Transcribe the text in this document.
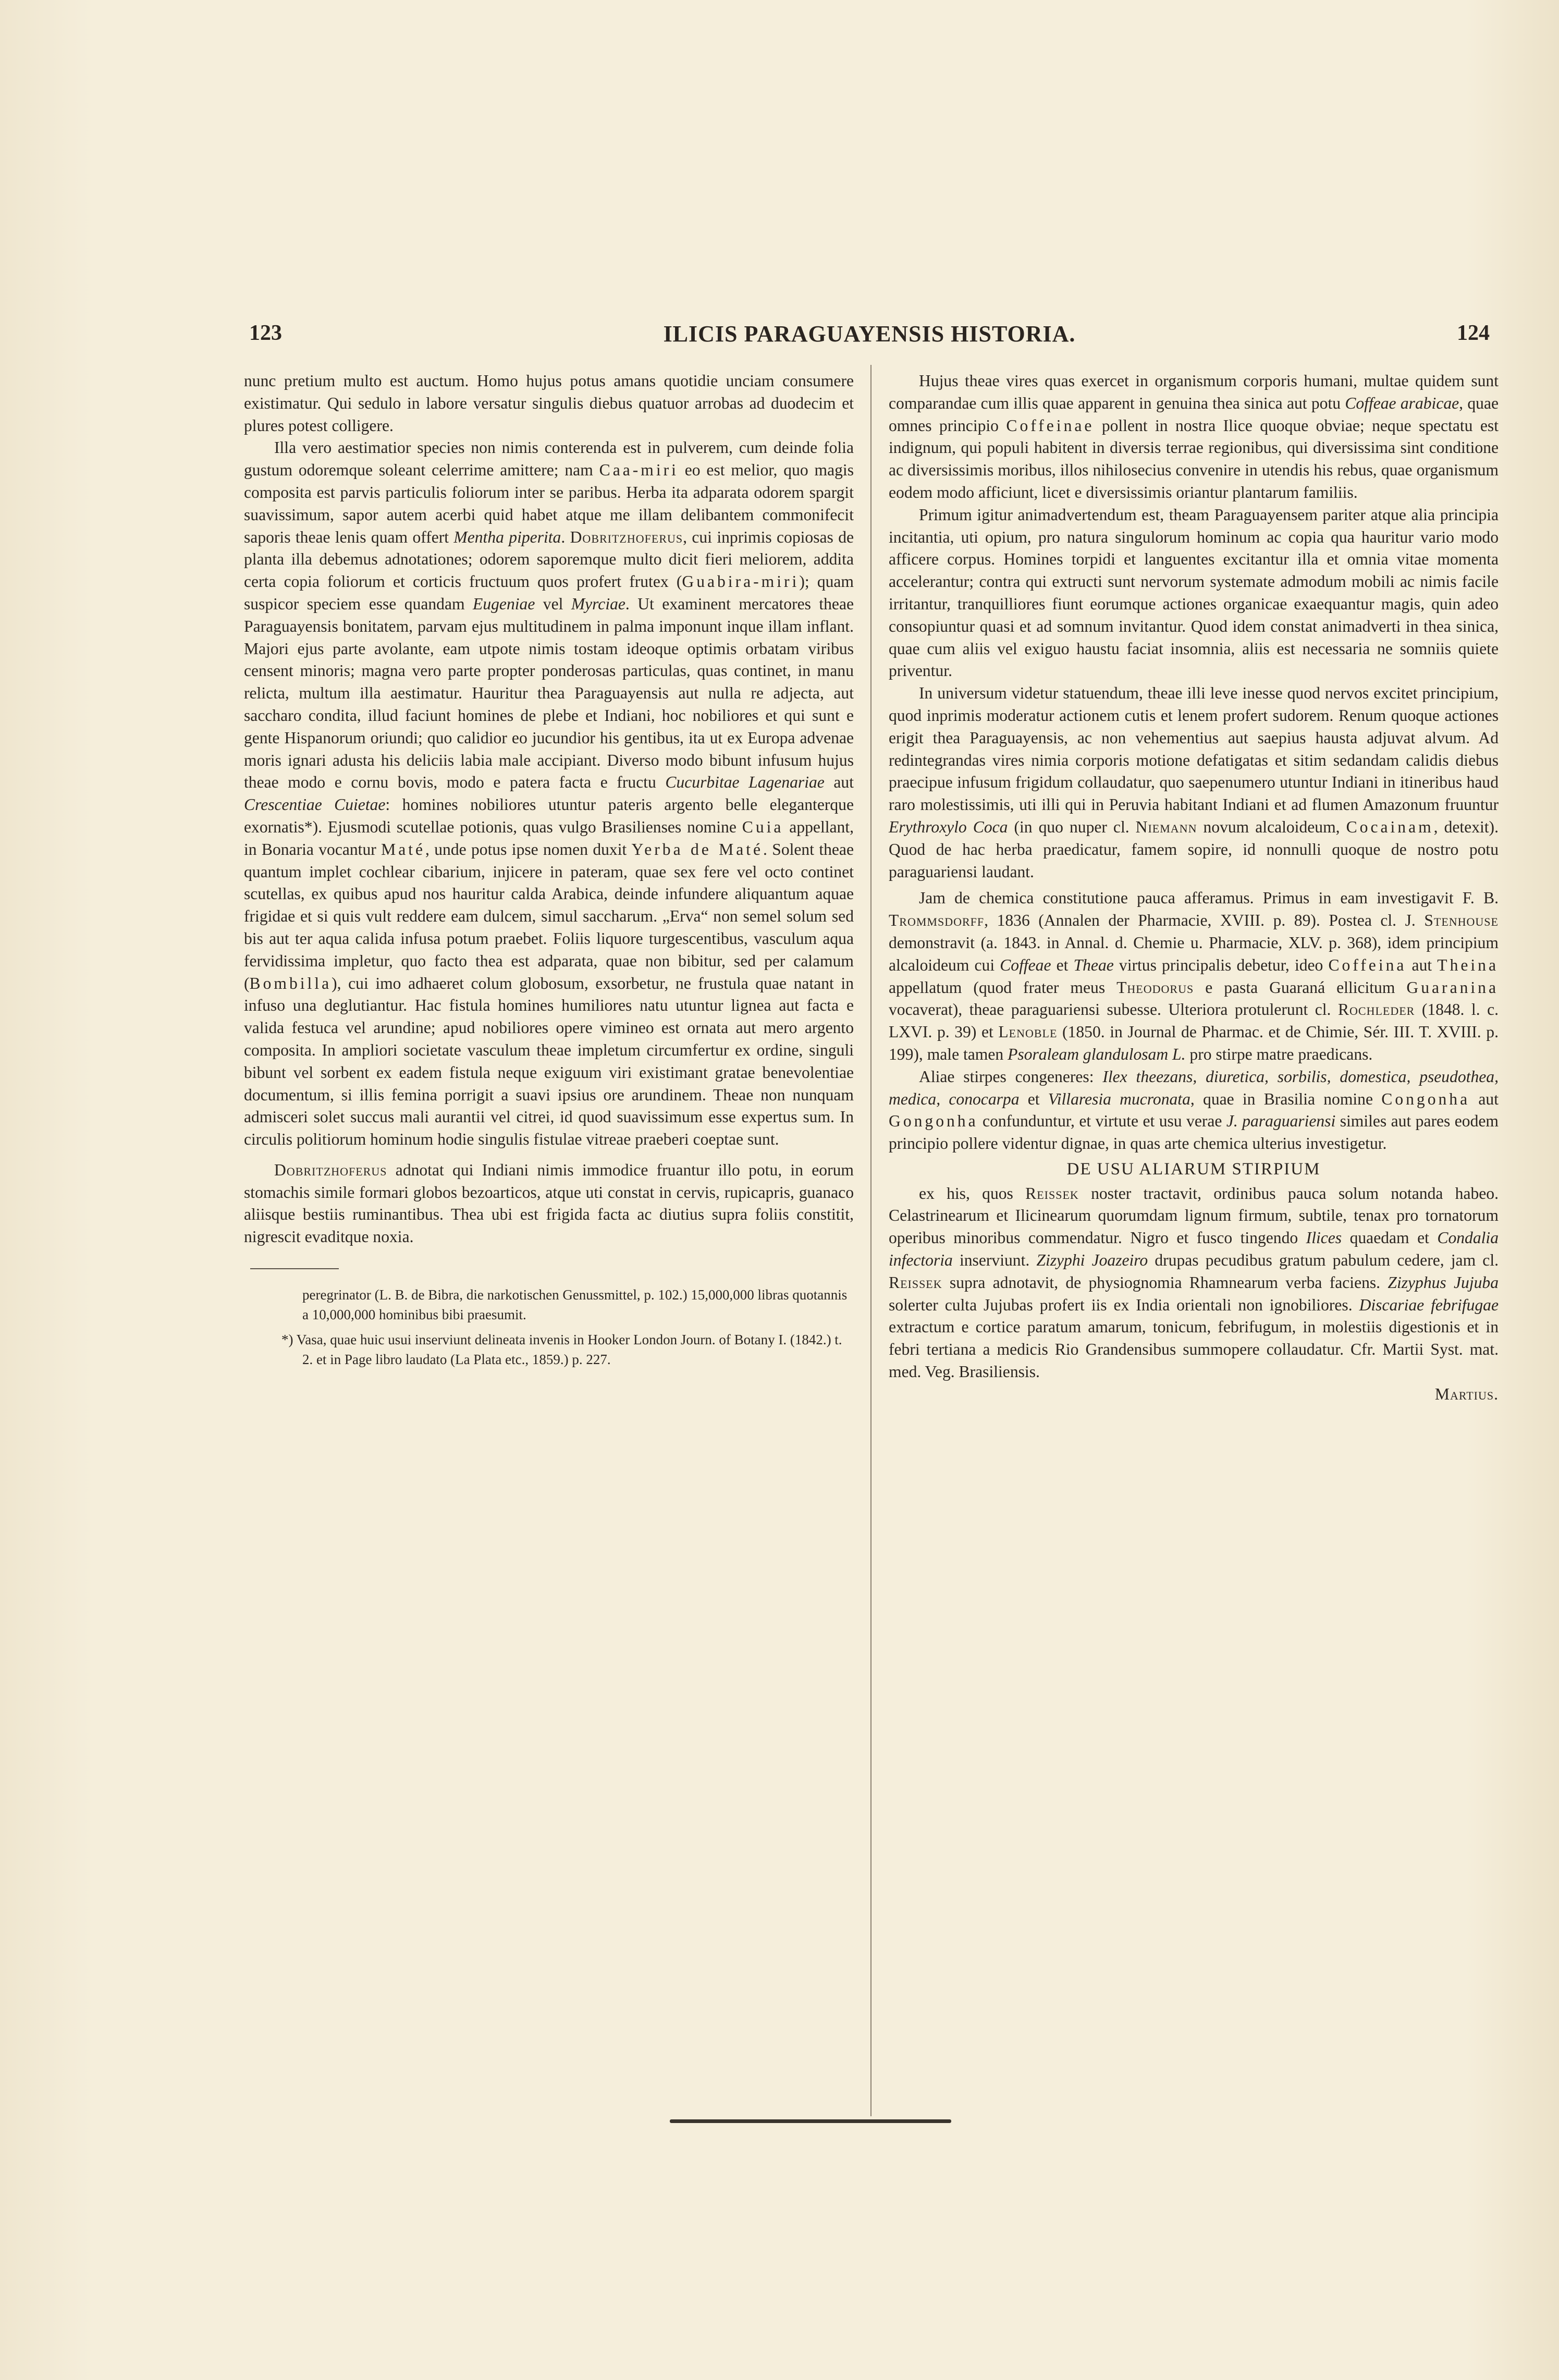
123	ILICIS PARAGUAYENSIS HISTORIA.	124

nunc pretium multo est auctum. Homo hujus potus amans quotidie unciam consumere existimatur. Qui sedulo in labore versatur singulis diebus quatuor arrobas ad duodecim et plures potest colligere.

Illa vero aestimatior species non nimis conterenda est in pulverem, cum deinde folia gustum odoremque soleant celerrime amittere; nam Caa-miri eo est melior, quo magis composita est parvis particulis foliorum inter se paribus. Herba ita adparata odorem spargit suavissimum, sapor autem acerbi quid habet atque me illam delibantem commonifecit saporis theae lenis quam offert Mentha piperita. Dobritzhoferus, cui inprimis copiosas de planta illa debemus adnotationes; odorem saporemque multo dicit fieri meliorem, addita certa copia foliorum et corticis fructuum quos profert frutex (Guabira-miri); quam suspicor speciem esse quandam Eugeniae vel Myrciae. Ut examinent mercatores theae Paraguayensis bonitatem, parvam ejus multitudinem in palma imponunt inque illam inflant. Majori ejus parte avolante, eam utpote nimis tostam ideoque optimis orbatam viribus censent minoris; magna vero parte propter ponderosas particulas, quas continet, in manu relicta, multum illa aestimatur. Hauritur thea Paraguayensis aut nulla re adjecta, aut saccharo condita, illud faciunt homines de plebe et Indiani, hoc nobiliores et qui sunt e gente Hispanorum oriundi; quo calidior eo jucundior his gentibus, ita ut ex Europa advenae moris ignari adusta his deliciis labia male accipiant. Diverso modo bibunt infusum hujus theae modo e cornu bovis, modo e patera facta e fructu Cucurbitae Lagenariae aut Crescentiae Cuietae: homines nobiliores utuntur pateris argento belle eleganterque exornatis*). Ejusmodi scutellae potionis, quas vulgo Brasilienses nomine Cuia appellant, in Bonaria vocantur Maté, unde potus ipse nomen duxit Yerba de Maté. Solent theae quantum implet cochlear cibarium, injicere in pateram, quae sex fere vel octo continet scutellas, ex quibus apud nos hauritur calda Arabica, deinde infundere aliquantum aquae frigidae et si quis vult reddere eam dulcem, simul saccharum. „Erva“ non semel solum sed bis aut ter aqua calida infusa potum praebet. Foliis liquore turgescentibus, vasculum aqua fervidissima impletur, quo facto thea est adparata, quae non bibitur, sed per calamum (Bombilla), cui imo adhaeret colum globosum, exsorbetur, ne frustula quae natant in infuso una deglutiantur. Hac fistula homines humiliores natu utuntur lignea aut facta e valida festuca vel arundine; apud nobiliores opere vimineo est ornata aut mero argento composita. In ampliori societate vasculum theae impletum circumfertur ex ordine, singuli bibunt vel sorbent ex eadem fistula neque exiguum viri existimant gratae benevolentiae documentum, si illis femina porrigit a suavi ipsius ore arundinem. Theae non nunquam admisceri solet succus mali aurantii vel citrei, id quod suavissimum esse expertus sum. In circulis politiorum hominum hodie singulis fistulae vitreae praeberi coeptae sunt.

Dobritzhoferus adnotat qui Indiani nimis immodice fruantur illo potu, in eorum stomachis simile formari globos bezoarticos, atque uti constat in cervis, rupicapris, guanaco aliisque bestiis ruminantibus. Thea ubi est frigida facta ac diutius supra foliis constitit, nigrescit evaditque noxia.

peregrinator (L. B. de Bibra, die narkotischen Genussmittel, p. 102.) 15,000,000 libras quotannis a 10,000,000 hominibus bibi praesumit.

*) Vasa, quae huic usui inserviunt delineata invenis in Hooker London Journ. of Botany I. (1842.) t. 2. et in Page libro laudato (La Plata etc., 1859.) p. 227.

Hujus theae vires quas exercet in organismum corporis humani, multae quidem sunt comparandae cum illis quae apparent in genuina thea sinica aut potu Coffeae arabicae, quae omnes principio Coffeinae pollent in nostra Ilice quoque obviae; neque spectatu est indignum, qui populi habitent in diversis terrae regionibus, qui diversissima sint conditione ac diversissimis moribus, illos nihilosecius convenire in utendis his rebus, quae organismum eodem modo afficiunt, licet e diversissimis oriantur plantarum familiis.

Primum igitur animadvertendum est, theam Paraguayensem pariter atque alia principia incitantia, uti opium, pro natura singulorum hominum ac copia qua hauritur vario modo afficere corpus. Homines torpidi et languentes excitantur illa et omnia vitae momenta accelerantur; contra qui extructi sunt nervorum systemate admodum mobili ac nimis facile irritantur, tranquilliores fiunt eorumque actiones organicae exaequantur magis, quin adeo consopiuntur quasi et ad somnum invitantur. Quod idem constat animadverti in thea sinica, quae cum aliis vel exiguo haustu faciat insomnia, aliis est necessaria ne somniis quiete priventur.

In universum videtur statuendum, theae illi leve inesse quod nervos excitet principium, quod inprimis moderatur actionem cutis et lenem profert sudorem. Renum quoque actiones erigit thea Paraguayensis, ac non vehementius aut saepius hausta adjuvat alvum. Ad redintegrandas vires nimia corporis motione defatigatas et sitim sedandam calidis diebus praecipue infusum frigidum collaudatur, quo saepenumero utuntur Indiani in itineribus haud raro molestissimis, uti illi qui in Peruvia habitant Indiani et ad flumen Amazonum fruuntur Erythroxylo Coca (in quo nuper cl. Niemann novum alcaloideum, Cocainam, detexit). Quod de hac herba praedicatur, famem sopire, id nonnulli quoque de nostro potu paraguariensi laudant.

Jam de chemica constitutione pauca afferamus. Primus in eam investigavit F. B. Trommsdorff, 1836 (Annalen der Pharmacie, XVIII. p. 89). Postea cl. J. Stenhouse demonstravit (a. 1843. in Annal. d. Chemie u. Pharmacie, XLV. p. 368), idem principium alcaloideum cui Coffeae et Theae virtus principalis debetur, ideo Coffeina aut Theina appellatum (quod frater meus Theodorus e pasta Guaraná ellicitum Guaranina vocaverat), theae paraguariensi subesse. Ulteriora protulerunt cl. Rochleder (1848. l. c. LXVI. p. 39) et Lenoble (1850. in Journal de Pharmac. et de Chimie, Sér. III. T. XVIII. p. 199), male tamen Psoraleam glandulosam L. pro stirpe matre praedicans.

Aliae stirpes congeneres: Ilex theezans, diuretica, sorbilis, domestica, pseudothea, medica, conocarpa et Villaresia mucronata, quae in Brasilia nomine Congonha aut Gongonha confunduntur, et virtute et usu verae J. paraguariensi similes aut pares eodem principio pollere videntur dignae, in quas arte chemica ulterius investigetur.

DE USU ALIARUM STIRPIUM

ex his, quos Reissek noster tractavit, ordinibus pauca solum notanda habeo. Celastrinearum et Ilicinearum quorumdam lignum firmum, subtile, tenax pro tornatorum operibus minoribus commendatur. Nigro et fusco tingendo Ilices quaedam et Condalia infectoria inserviunt. Zizyphi Joazeiro drupas pecudibus gratum pabulum cedere, jam cl. Reissek supra adnotavit, de physiognomia Rhamnearum verba faciens. Zizyphus Jujuba solerter culta Jujubas profert iis ex India orientali non ignobiliores. Discariae febrifugae extractum e cortice paratum amarum, tonicum, febrifugum, in molestiis digestionis et in febri tertiana a medicis Rio Grandensibus summopere collaudatur. Cfr. Martii Syst. mat. med. Veg. Brasiliensis.

Martius.
